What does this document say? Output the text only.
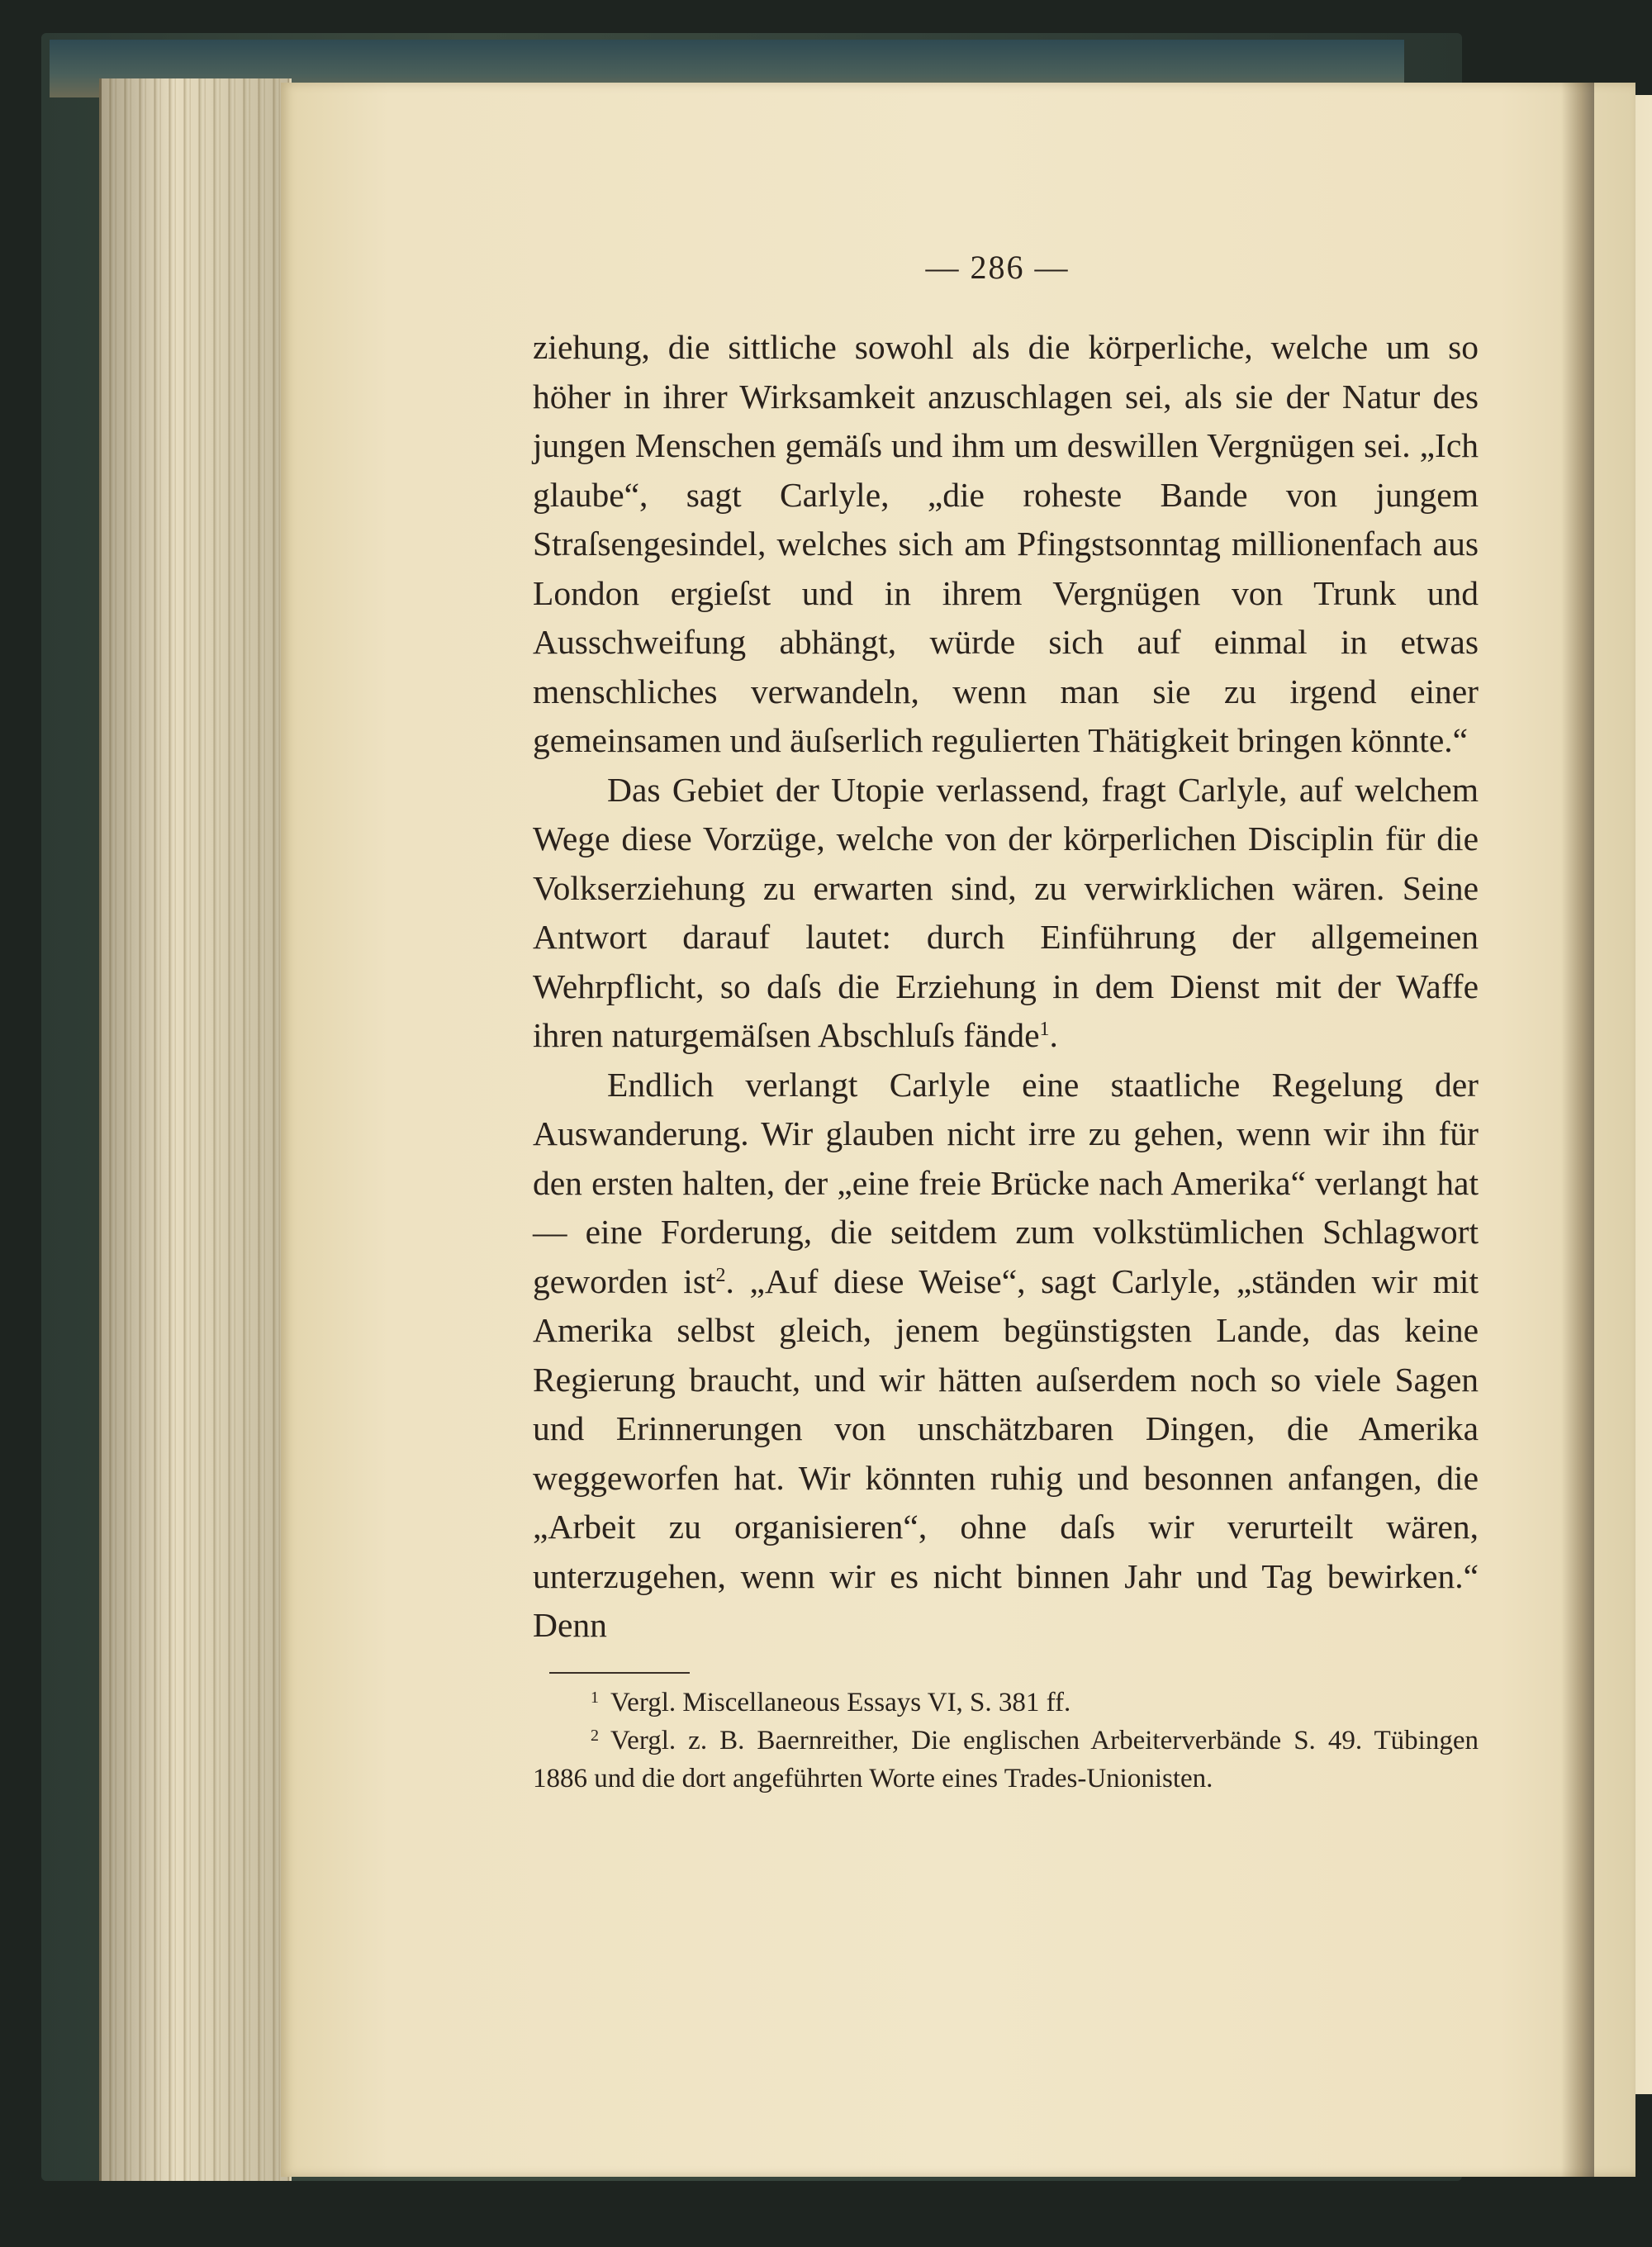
— 286 —

ziehung, die sittliche sowohl als die körperliche, welche um so höher in ihrer Wirksamkeit anzuschlagen sei, als sie der Natur des jungen Menschen gemäſs und ihm um deswillen Vergnügen sei. „Ich glaube“, sagt Carlyle, „die roheste Bande von jungem Straſsengesindel, welches sich am Pfingstsonntag millionenfach aus London ergieſst und in ihrem Vergnügen von Trunk und Ausschweifung abhängt, würde sich auf einmal in etwas menschliches verwandeln, wenn man sie zu irgend einer gemeinsamen und äuſserlich regulierten Thätigkeit bringen könnte.“

Das Gebiet der Utopie verlassend, fragt Carlyle, auf welchem Wege diese Vorzüge, welche von der körperlichen Disciplin für die Volkserziehung zu erwarten sind, zu verwirklichen wären. Seine Antwort darauf lautet: durch Einführung der allgemeinen Wehrpflicht, so daſs die Erziehung in dem Dienst mit der Waffe ihren naturgemäſsen Abschluſs fände$^1$.

Endlich verlangt Carlyle eine staatliche Regelung der Auswanderung. Wir glauben nicht irre zu gehen, wenn wir ihn für den ersten halten, der „eine freie Brücke nach Amerika“ verlangt hat — eine Forderung, die seitdem zum volkstümlichen Schlagwort geworden ist$^2$. „Auf diese Weise“, sagt Carlyle, „ständen wir mit Amerika selbst gleich, jenem begünstigsten Lande, das keine Regierung braucht, und wir hätten auſserdem noch so viele Sagen und Erinnerungen von unschätzbaren Dingen, die Amerika weggeworfen hat. Wir könnten ruhig und besonnen anfangen, die „Arbeit zu organisieren“, ohne daſs wir verurteilt wären, unterzugehen, wenn wir es nicht binnen Jahr und Tag bewirken.“ Denn

$^1$ Vergl. Miscellaneous Essays VI, S. 381 ff.

$^2$ Vergl. z. B. Baernreither, Die englischen Arbeiterverbände S. 49. Tübingen 1886 und die dort angeführten Worte eines Trades-Unionisten.
